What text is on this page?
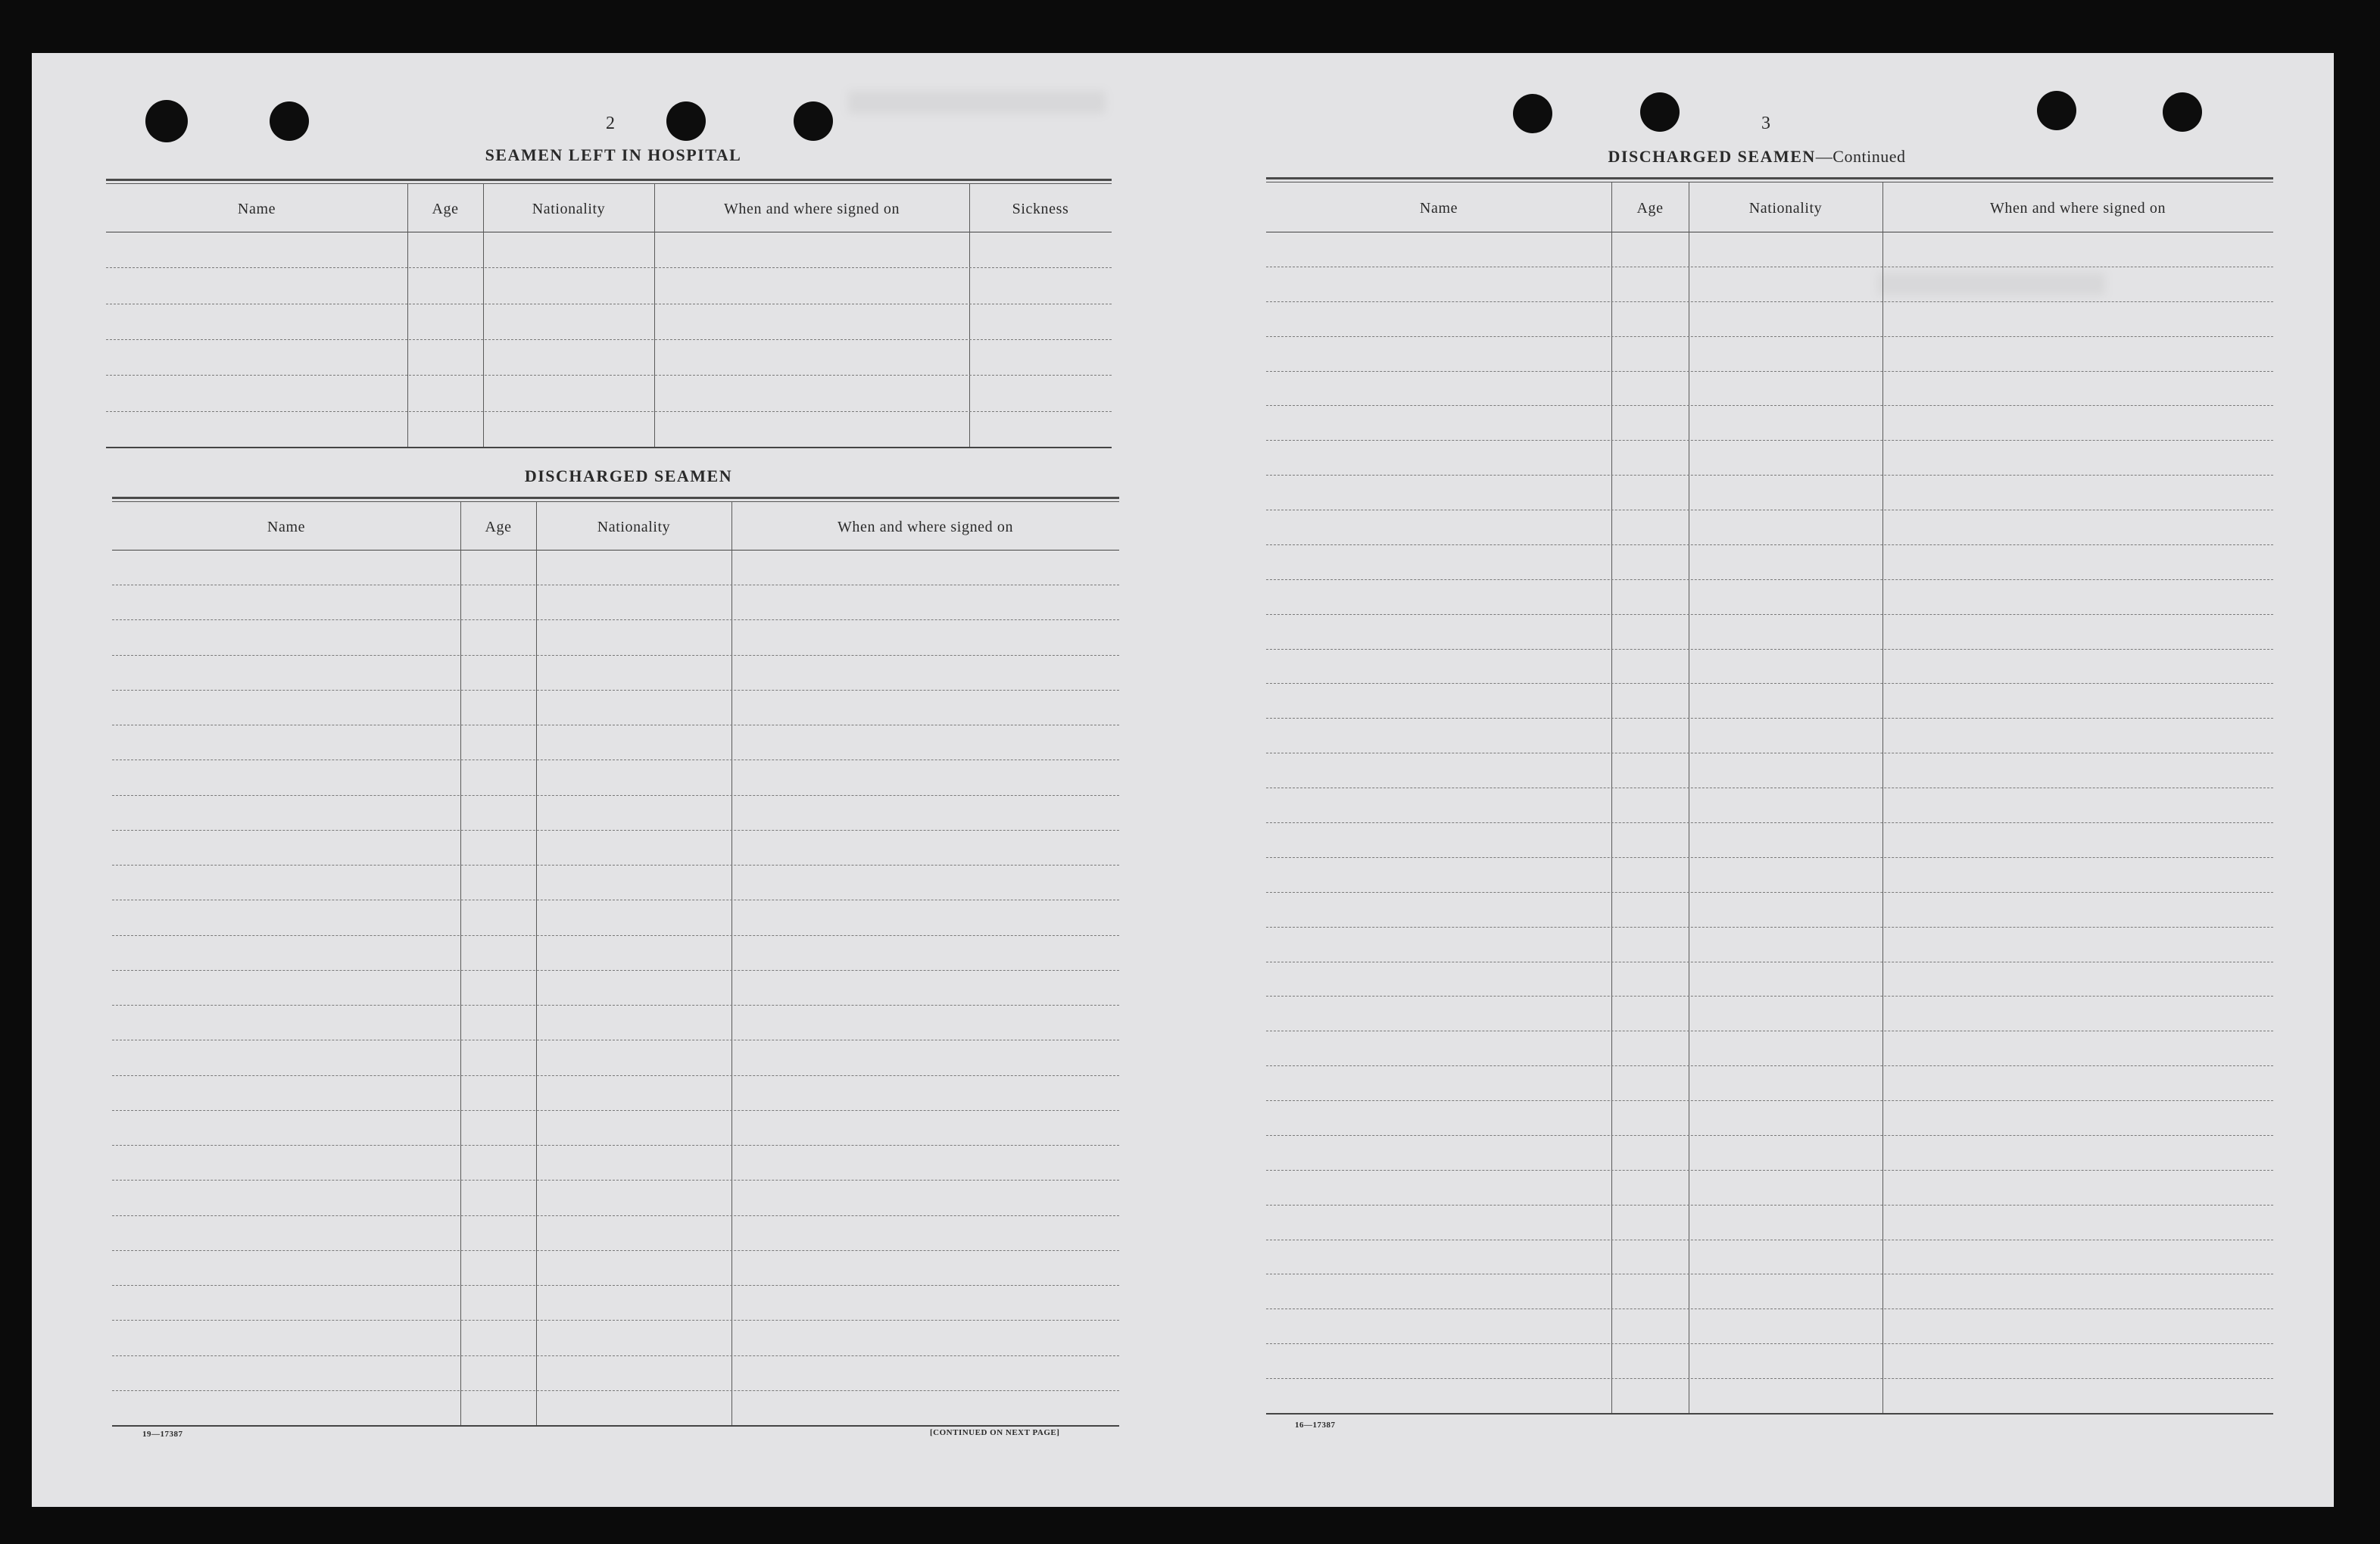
2
SEAMEN LEFT IN HOSPITAL
Name	Age	Nationality	When and where signed on	Sickness
DISCHARGED SEAMEN
Name	Age	Nationality	When and where signed on
19—17387	[CONTINUED ON NEXT PAGE]
3
DISCHARGED SEAMEN—Continued
Name	Age	Nationality	When and where signed on
16—17387
